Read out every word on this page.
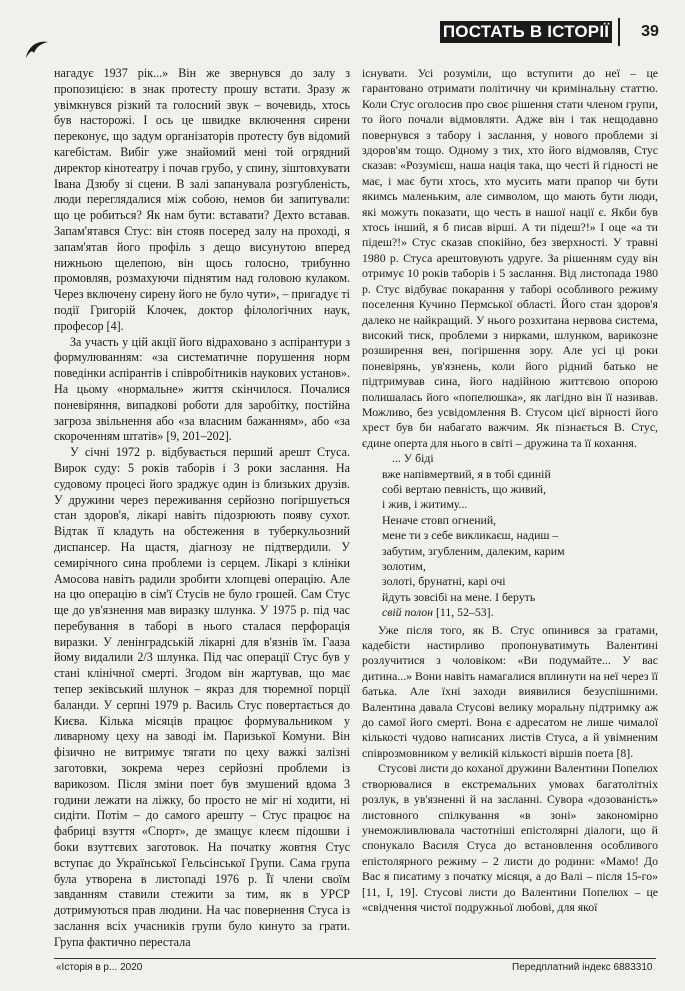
ПОСТАТЬ В ІСТОРІЇ	39

нагадує 1937 рік...» Він же звернувся до залу з пропозицією: в знак протесту прошу встати. Зразу ж увімкнувся різкий та голосний звук – вочевидь, хтось був насторожі. І ось це швидке включення сирени переконує, що задум організаторів протесту був відомий кагебістам. Вибіг уже знайомий мені той огрядний директор кінотеатру і почав грубо, у спину, зіштовхувати Івана Дзюбу зі сцени. В залі запанувала розгубленість, люди переглядалися між собою, немов би запитували: що це робиться? Як нам бути: вставати? Дехто вставав. Запам'ятався Стус: він стояв посеред залу на проході, я запам'ятав його профіль з дещо висунутою вперед нижньою щелепою, він щось голосно, трибунно промовляв, розмахуючи піднятим над головою кулаком. Через включену сирену його не було чути», – пригадує ті події Григорій Клочек, доктор філологічних наук, професор [4].

За участь у цій акції його відраховано з аспірантури з формулюванням: «за систематичне порушення норм поведінки аспірантів і співробітників наукових установ». На цьому «нормальне» життя скінчилося. Почалися поневіряння, випадкові роботи для заробітку, постійна загроза звільнення або «за власним бажанням», або «за скороченням штатів» [9, 201–202].

У січні 1972 р. відбувається перший арешт Стуса. Вирок суду: 5 років таборів і 3 роки заслання. На судовому процесі його зраджує один із близьких друзів. У дружини через переживання серйозно погіршується стан здоров'я, лікарі навіть підозрюють появу сухот. Відтак її кладуть на обстеження в туберкульозний диспансер. На щастя, діагнозу не підтвердили. У семирічного сина проблеми із серцем. Лікарі з клініки Амосова навіть радили зробити хлопцеві операцію. Але на цю операцію в сім'ї Стусів не було грошей. Сам Стус ще до ув'язнення мав виразку шлунка. У 1975 р. під час перебування в таборі в нього сталася перфорація виразки. У ленінградській лікарні для в'язнів їм. Гааза йому видалили 2/3 шлунка. Під час операції Стус був у стані клінічної смерті. Згодом він жартував, що має тепер зеківський шлунок – якраз для тюремної порції баланди. У серпні 1979 р. Василь Стус повертається до Києва. Кілька місяців працює формувальником у ливарному цеху на заводі ім. Паризької Комуни. Він фізично не витримує тягати по цеху важкі залізні заготовки, зокрема через серйозні проблеми із варикозом. Після зміни поет був змушений вдома 3 години лежати на ліжку, бо просто не міг ні ходити, ні сидіти. Потім – до самого арешту – Стус працює на фабриці взуття «Спорт», де змащує клеєм підошви і боки взуттєвих заготовок. На початку жовтня Стус вступає до Української Гельсінської Групи. Сама група була утворена в листопаді 1976 р. Її члени своїм завданням ставили стежити за тим, як в УРСР дотримуються прав людини. На час повернення Стуса із заслання всіх учасників групи було кинуто за грати. Група фактично перестала

існувати. Усі розуміли, що вступити до неї – це гарантовано отримати політичну чи кримінальну статтю. Коли Стус оголосив про своє рішення стати членом групи, то його почали відмовляти. Адже він і так нещодавно повернувся з табору і заслання, у нового проблеми зі здоров'ям тощо. Одному з тих, хто його відмовляв, Стус сказав: «Розумієш, наша нація така, що честі й гідності не має, і має бути хтось, хто мусить мати прапор чи бути якимсь маленьким, але символом, що мають бути люди, які можуть показати, що честь в нашої нації є. Якби був хтось інший, я б писав вірші. А ти підеш?!» І оце «а ти підеш?!» Стус сказав спокійно, без зверхності. У травні 1980 р. Стуса арештовують удруге. За рішенням суду він отримує 10 років таборів і 5 заслання. Від листопада 1980 р. Стус відбуває покарання у таборі особливого режиму поселення Кучино Пермської області. Його стан здоров'я далеко не найкращий. У нього розхитана нервова система, високий тиск, проблеми з нирками, шлунком, варикозне розширення вен, погіршення зору. Але усі ці роки поневірянь, ув'язнень, коли його рідний батько не підтримував сина, його надійною життєвою опорою полишалась його «попелюшка», як лагідно він її називав. Можливо, без усвідомлення В. Стусом цієї вірності його хрест був би набагато важчим. Як пізнається В. Стус, єдине оперта для нього в світі – дружина та її кохання.

... У біді
вже напівмертвий, я в тобі єдиній
собі вертаю певність, що живий,
і жив, і житиму...
Неначе стовп огнений,
мене ти з себе викликаєш, надиш –
забутим, згубленим, далеким, карим
золотим,
золоті, брунатні, карі очі
йдуть зовсібі на мене. І беруть
свій полон [11, 52–53].

Уже після того, як В. Стус опинився за гратами, кадебісти настирливо пропонуватимуть Валентині розлучитися з чоловіком: «Ви подумайте... У вас дитина...» Вони навіть намагалися вплинути на неї через її батька. Але їхні заходи виявилися безуспішними. Валентина давала Стусові велику моральну підтримку аж до самої його смерті. Вона є адресатом не лише чималої кількості чудово написаних листів Стуса, а й увімненим співрозмовником у великій кількості віршів поета [8].

Стусові листи до коханої дружини Валентини Попелюх створювалися в екстремальних умовах багатолітніх розлук, в ув'язненні й на засланні. Сувора «дозованість» листовного спілкування «в зоні» закономірно унеможливлювала частотніші епістолярні діалоги, що й спонукало Василя Стуса до встановлення особливого епістолярного режиму – 2 листи до родини: «Мамо! До Вас я писатиму з початку місяця, а до Валі – після 15-го» [11, І, 19]. Стусові листи до Валентини Попелюх – це «свідчення чистої подружньої любові, для якої

«Історія в р... 2020	Передплатний індекс 6883310
